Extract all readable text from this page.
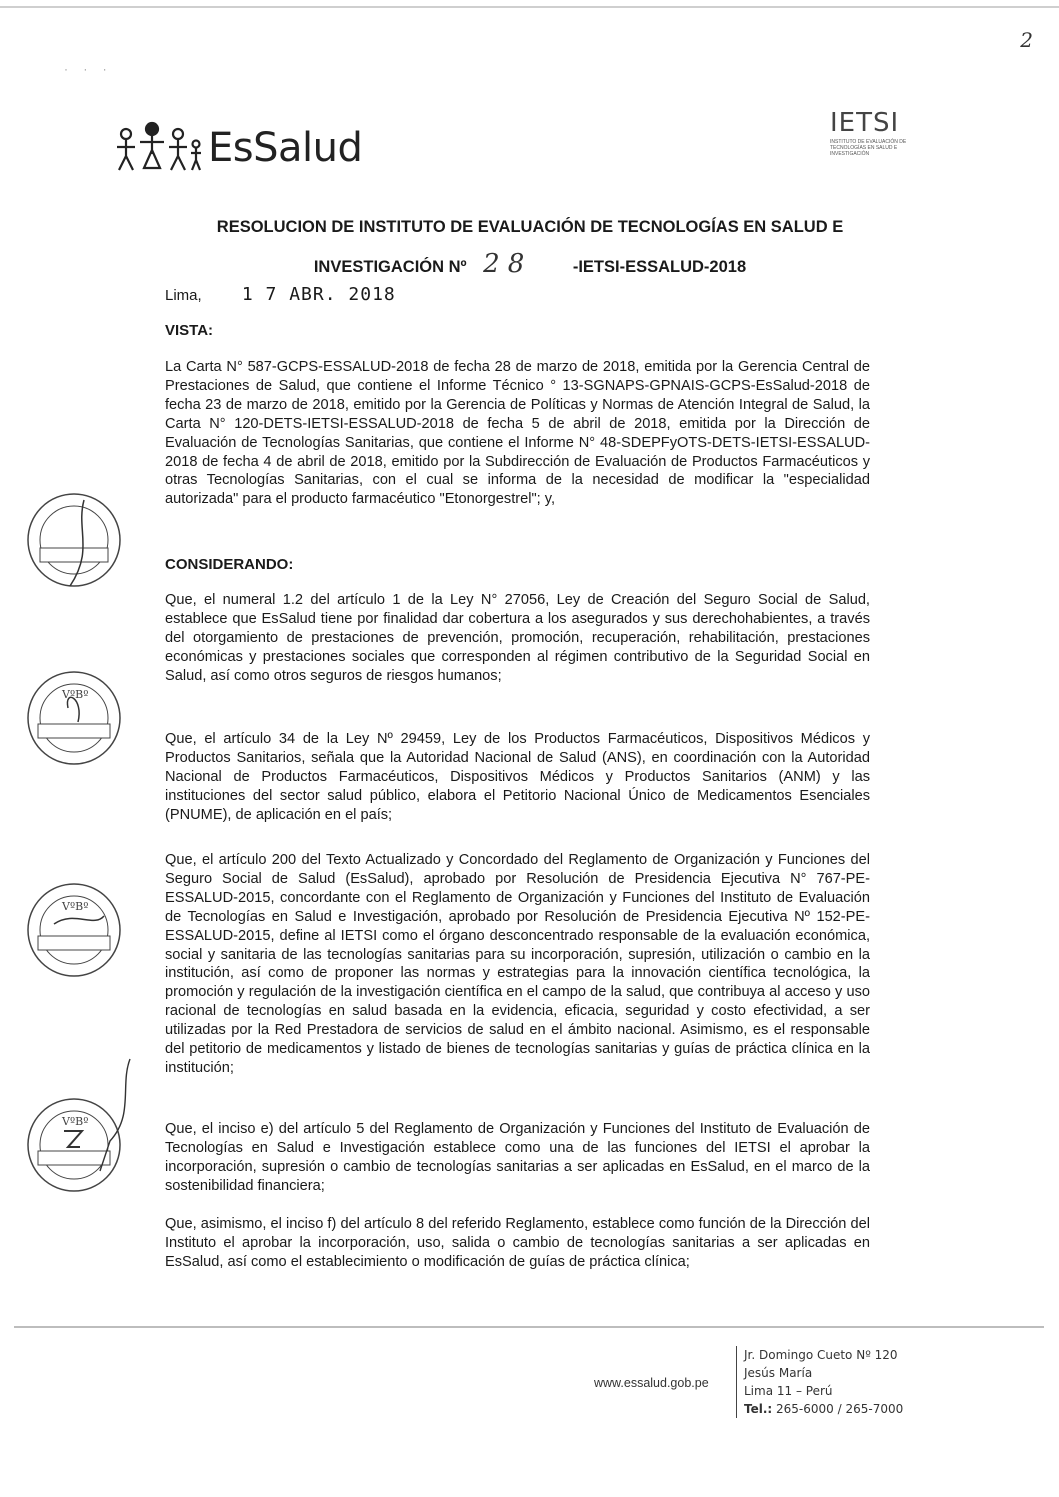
2
· · ·
EsSalud
IETSI
INSTITUTO DE EVALUACIÓN DE TECNOLOGÍAS EN SALUD E INVESTIGACIÓN
RESOLUCION DE INSTITUTO DE EVALUACIÓN DE TECNOLOGÍAS EN SALUD E
INVESTIGACIÓN Nº 28 -IETSI-ESSALUD-2018
Lima, 1 7 ABR. 2018
VISTA:
La Carta N° 587-GCPS-ESSALUD-2018 de fecha 28 de marzo de 2018, emitida por la Gerencia Central de Prestaciones de Salud, que contiene el Informe Técnico ° 13-SGNAPS-GPNAIS-GCPS-EsSalud-2018 de fecha 23 de marzo de 2018, emitido por la Gerencia de Políticas y Normas de Atención Integral de Salud, la Carta N° 120-DETS-IETSI-ESSALUD-2018 de fecha 5 de abril de 2018, emitida por la Dirección de Evaluación de Tecnologías Sanitarias, que contiene el Informe N° 48-SDEPFyOTS-DETS-IETSI-ESSALUD-2018 de fecha 4 de abril de 2018, emitido por la Subdirección de Evaluación de Productos Farmacéuticos y otras Tecnologías Sanitarias, con el cual se informa de la necesidad de modificar la "especialidad autorizada" para el producto farmacéutico "Etonorgestrel"; y,
CONSIDERANDO:
Que, el numeral 1.2 del artículo 1 de la Ley N° 27056, Ley de Creación del Seguro Social de Salud, establece que EsSalud tiene por finalidad dar cobertura a los asegurados y sus derechohabientes, a través del otorgamiento de prestaciones de prevención, promoción, recuperación, rehabilitación, prestaciones económicas y prestaciones sociales que corresponden al régimen contributivo de la Seguridad Social en Salud, así como otros seguros de riesgos humanos;
Que, el artículo 34 de la Ley Nº 29459, Ley de los Productos Farmacéuticos, Dispositivos Médicos y Productos Sanitarios, señala que la Autoridad Nacional de Salud (ANS), en coordinación con la Autoridad Nacional de Productos Farmacéuticos, Dispositivos Médicos y Productos Sanitarios (ANM) y las instituciones del sector salud público, elabora el Petitorio Nacional Único de Medicamentos Esenciales (PNUME), de aplicación en el país;
Que, el artículo 200 del Texto Actualizado y Concordado del Reglamento de Organización y Funciones del Seguro Social de Salud (EsSalud), aprobado por Resolución de Presidencia Ejecutiva N° 767-PE-ESSALUD-2015, concordante con el Reglamento de Organización y Funciones del Instituto de Evaluación de Tecnologías en Salud e Investigación, aprobado por Resolución de Presidencia Ejecutiva Nº 152-PE-ESSALUD-2015, define al IETSI como el órgano desconcentrado responsable de la evaluación económica, social y sanitaria de las tecnologías sanitarias para su incorporación, supresión, utilización o cambio en la institución, así como de proponer las normas y estrategias para la innovación científica tecnológica, la promoción y regulación de la investigación científica en el campo de la salud, que contribuya al acceso y uso racional de tecnologías en salud basada en la evidencia, eficacia, seguridad y costo efectividad, a ser utilizadas por la Red Prestadora de servicios de salud en el ámbito nacional. Asimismo, es el responsable del petitorio de medicamentos y listado de bienes de tecnologías sanitarias y guías de práctica clínica en la institución;
Que, el inciso e) del artículo 5 del Reglamento de Organización y Funciones del Instituto de Evaluación de Tecnologías en Salud e Investigación establece como una de las funciones del IETSI el aprobar la incorporación, supresión o cambio de tecnologías sanitarias a ser aplicadas en EsSalud, en el marco de la sostenibilidad financiera;
Que, asimismo, el inciso f) del artículo 8 del referido Reglamento, establece como función de la Dirección del Instituto el aprobar la incorporación, uso, salida o cambio de tecnologías sanitarias a ser aplicadas en EsSalud, así como el establecimiento o modificación de guías de práctica clínica;
VºBº
VºBº
VºBº
www.essalud.gob.pe
Jr. Domingo Cueto Nº 120
Jesús María
Lima 11 – Perú
Tel.: 265-6000 / 265-7000
